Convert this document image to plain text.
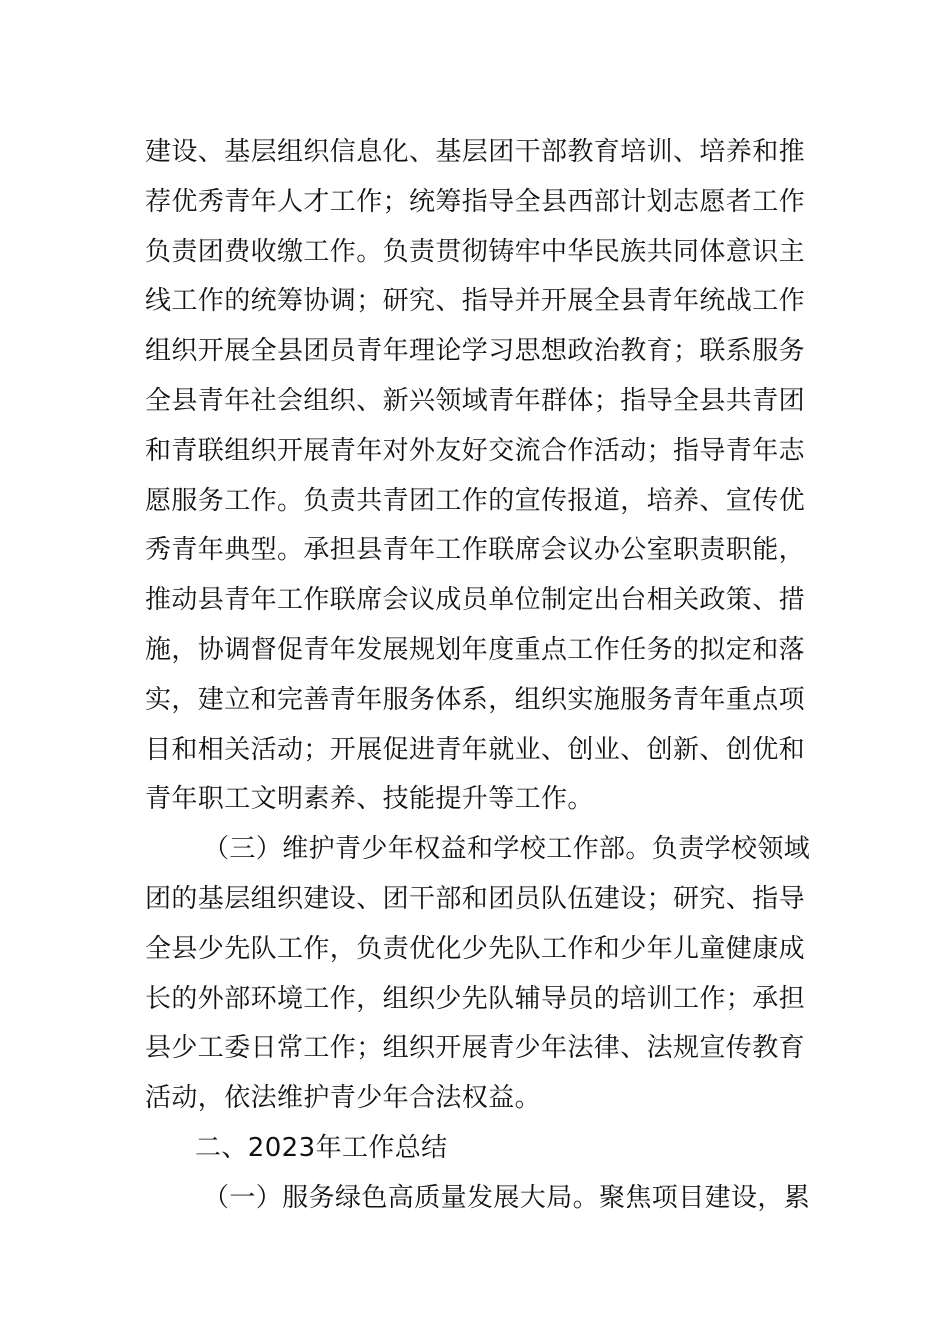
建设、基层组织信息化、基层团干部教育培训、培养和推
荐优秀青年人才工作；统筹指导全县西部计划志愿者工作
负责团费收缴工作。负责贯彻铸牢中华民族共同体意识主
线工作的统筹协调；研究、指导并开展全县青年统战工作
组织开展全县团员青年理论学习思想政治教育；联系服务
全县青年社会组织、新兴领域青年群体；指导全县共青团
和青联组织开展青年对外友好交流合作活动；指导青年志
愿服务工作。负责共青团工作的宣传报道，培养、宣传优
秀青年典型。承担县青年工作联席会议办公室职责职能，
推动县青年工作联席会议成员单位制定出台相关政策、措
施，协调督促青年发展规划年度重点工作任务的拟定和落
实，建立和完善青年服务体系，组织实施服务青年重点项
目和相关活动；开展促进青年就业、创业、创新、创优和
青年职工文明素养、技能提升等工作。
（三）维护青少年权益和学校工作部。负责学校领域
团的基层组织建设、团干部和团员队伍建设；研究、指导
全县少先队工作，负责优化少先队工作和少年儿童健康成
长的外部环境工作，组织少先队辅导员的培训工作；承担
县少工委日常工作；组织开展青少年法律、法规宣传教育
活动，依法维护青少年合法权益。
二、2023年工作总结
（一）服务绿色高质量发展大局。聚焦项目建设，累
